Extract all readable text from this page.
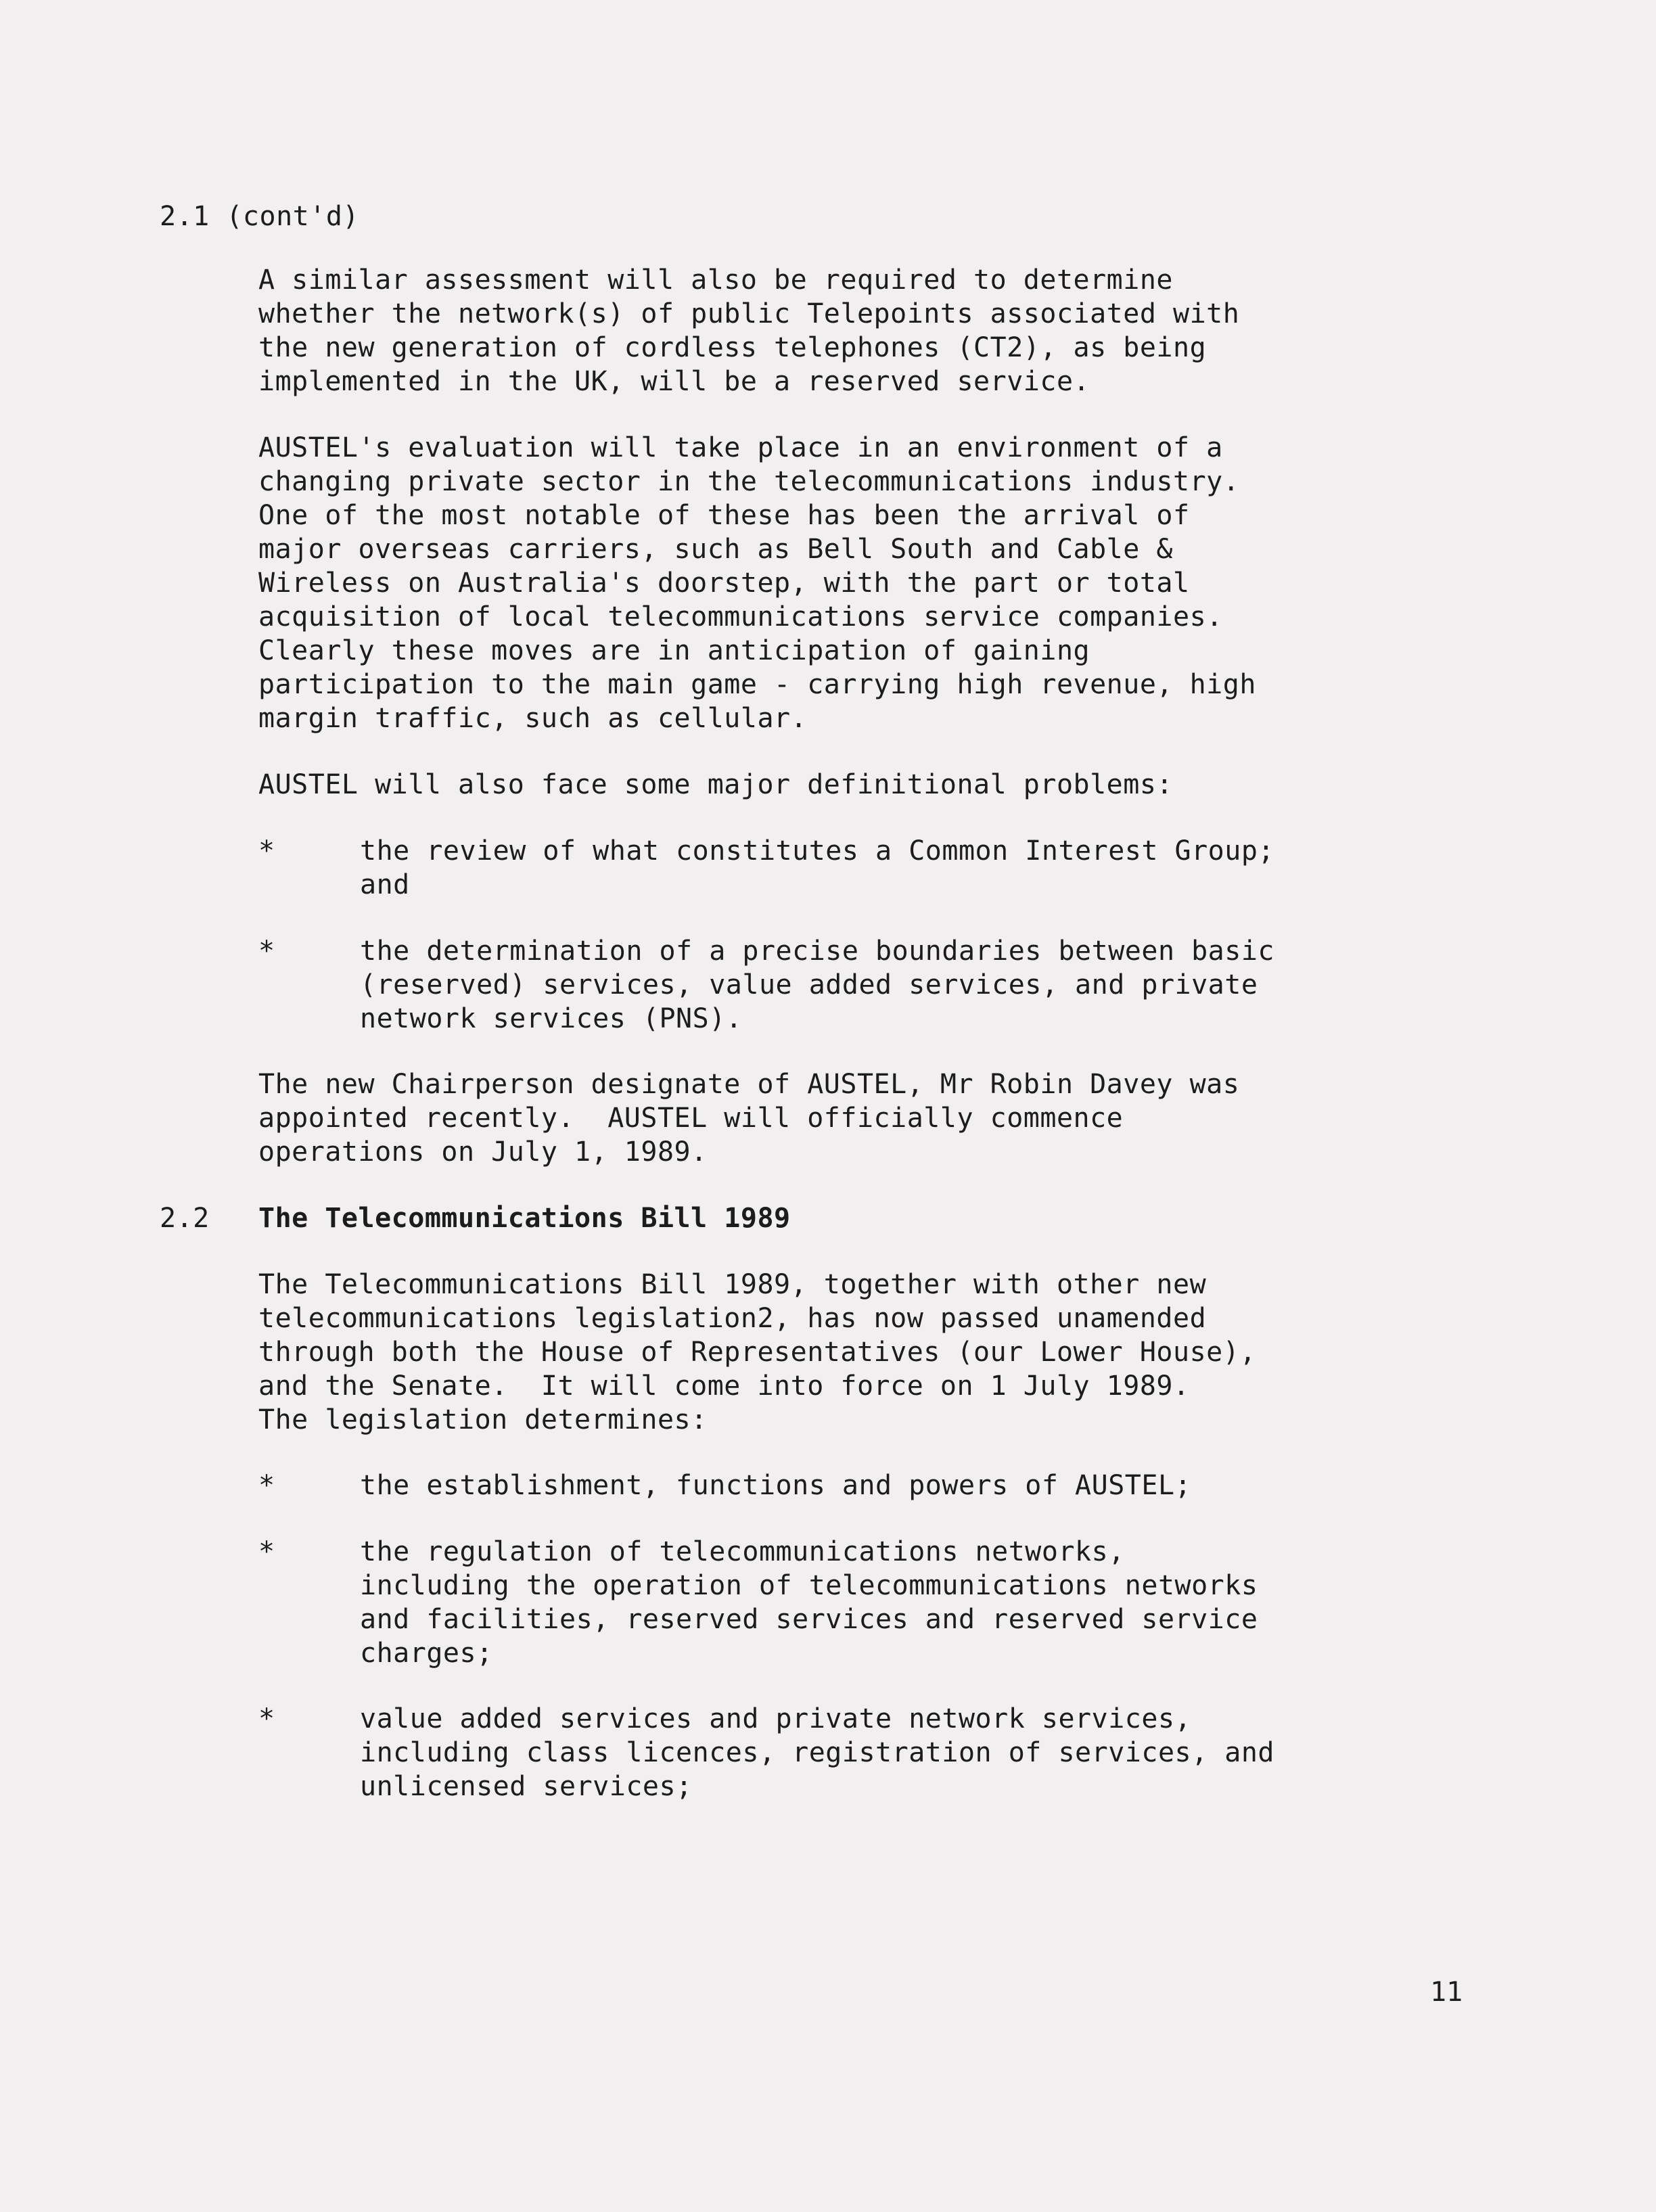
2.1 (cont'd)
A similar assessment will also be required to determine
whether the network(s) of public Telepoints associated with
the new generation of cordless telephones (CT2), as being
implemented in the UK, will be a reserved service.
AUSTEL's evaluation will take place in an environment of a
changing private sector in the telecommunications industry.
One of the most notable of these has been the arrival of
major overseas carriers, such as Bell South and Cable &
Wireless on Australia's doorstep, with the part or total
acquisition of local telecommunications service companies.
Clearly these moves are in anticipation of gaining
participation to the main game - carrying high revenue, high
margin traffic, such as cellular.
AUSTEL will also face some major definitional problems:
*	the review of what constitutes a Common Interest Group;
and
*	the determination of a precise boundaries between basic
(reserved) services, value added services, and private
network services (PNS).
The new Chairperson designate of AUSTEL, Mr Robin Davey was
appointed recently.  AUSTEL will officially commence
operations on July 1, 1989.
2.2 The Telecommunications Bill 1989
The Telecommunications Bill 1989, together with other new
telecommunications legislation2, has now passed unamended
through both the House of Representatives (our Lower House),
and the Senate.  It will come into force on 1 July 1989.
The legislation determines:
*	the establishment, functions and powers of AUSTEL;
*	the regulation of telecommunications networks,
including the operation of telecommunications networks
and facilities, reserved services and reserved service
charges;
*	value added services and private network services,
including class licences, registration of services, and
unlicensed services;
11
